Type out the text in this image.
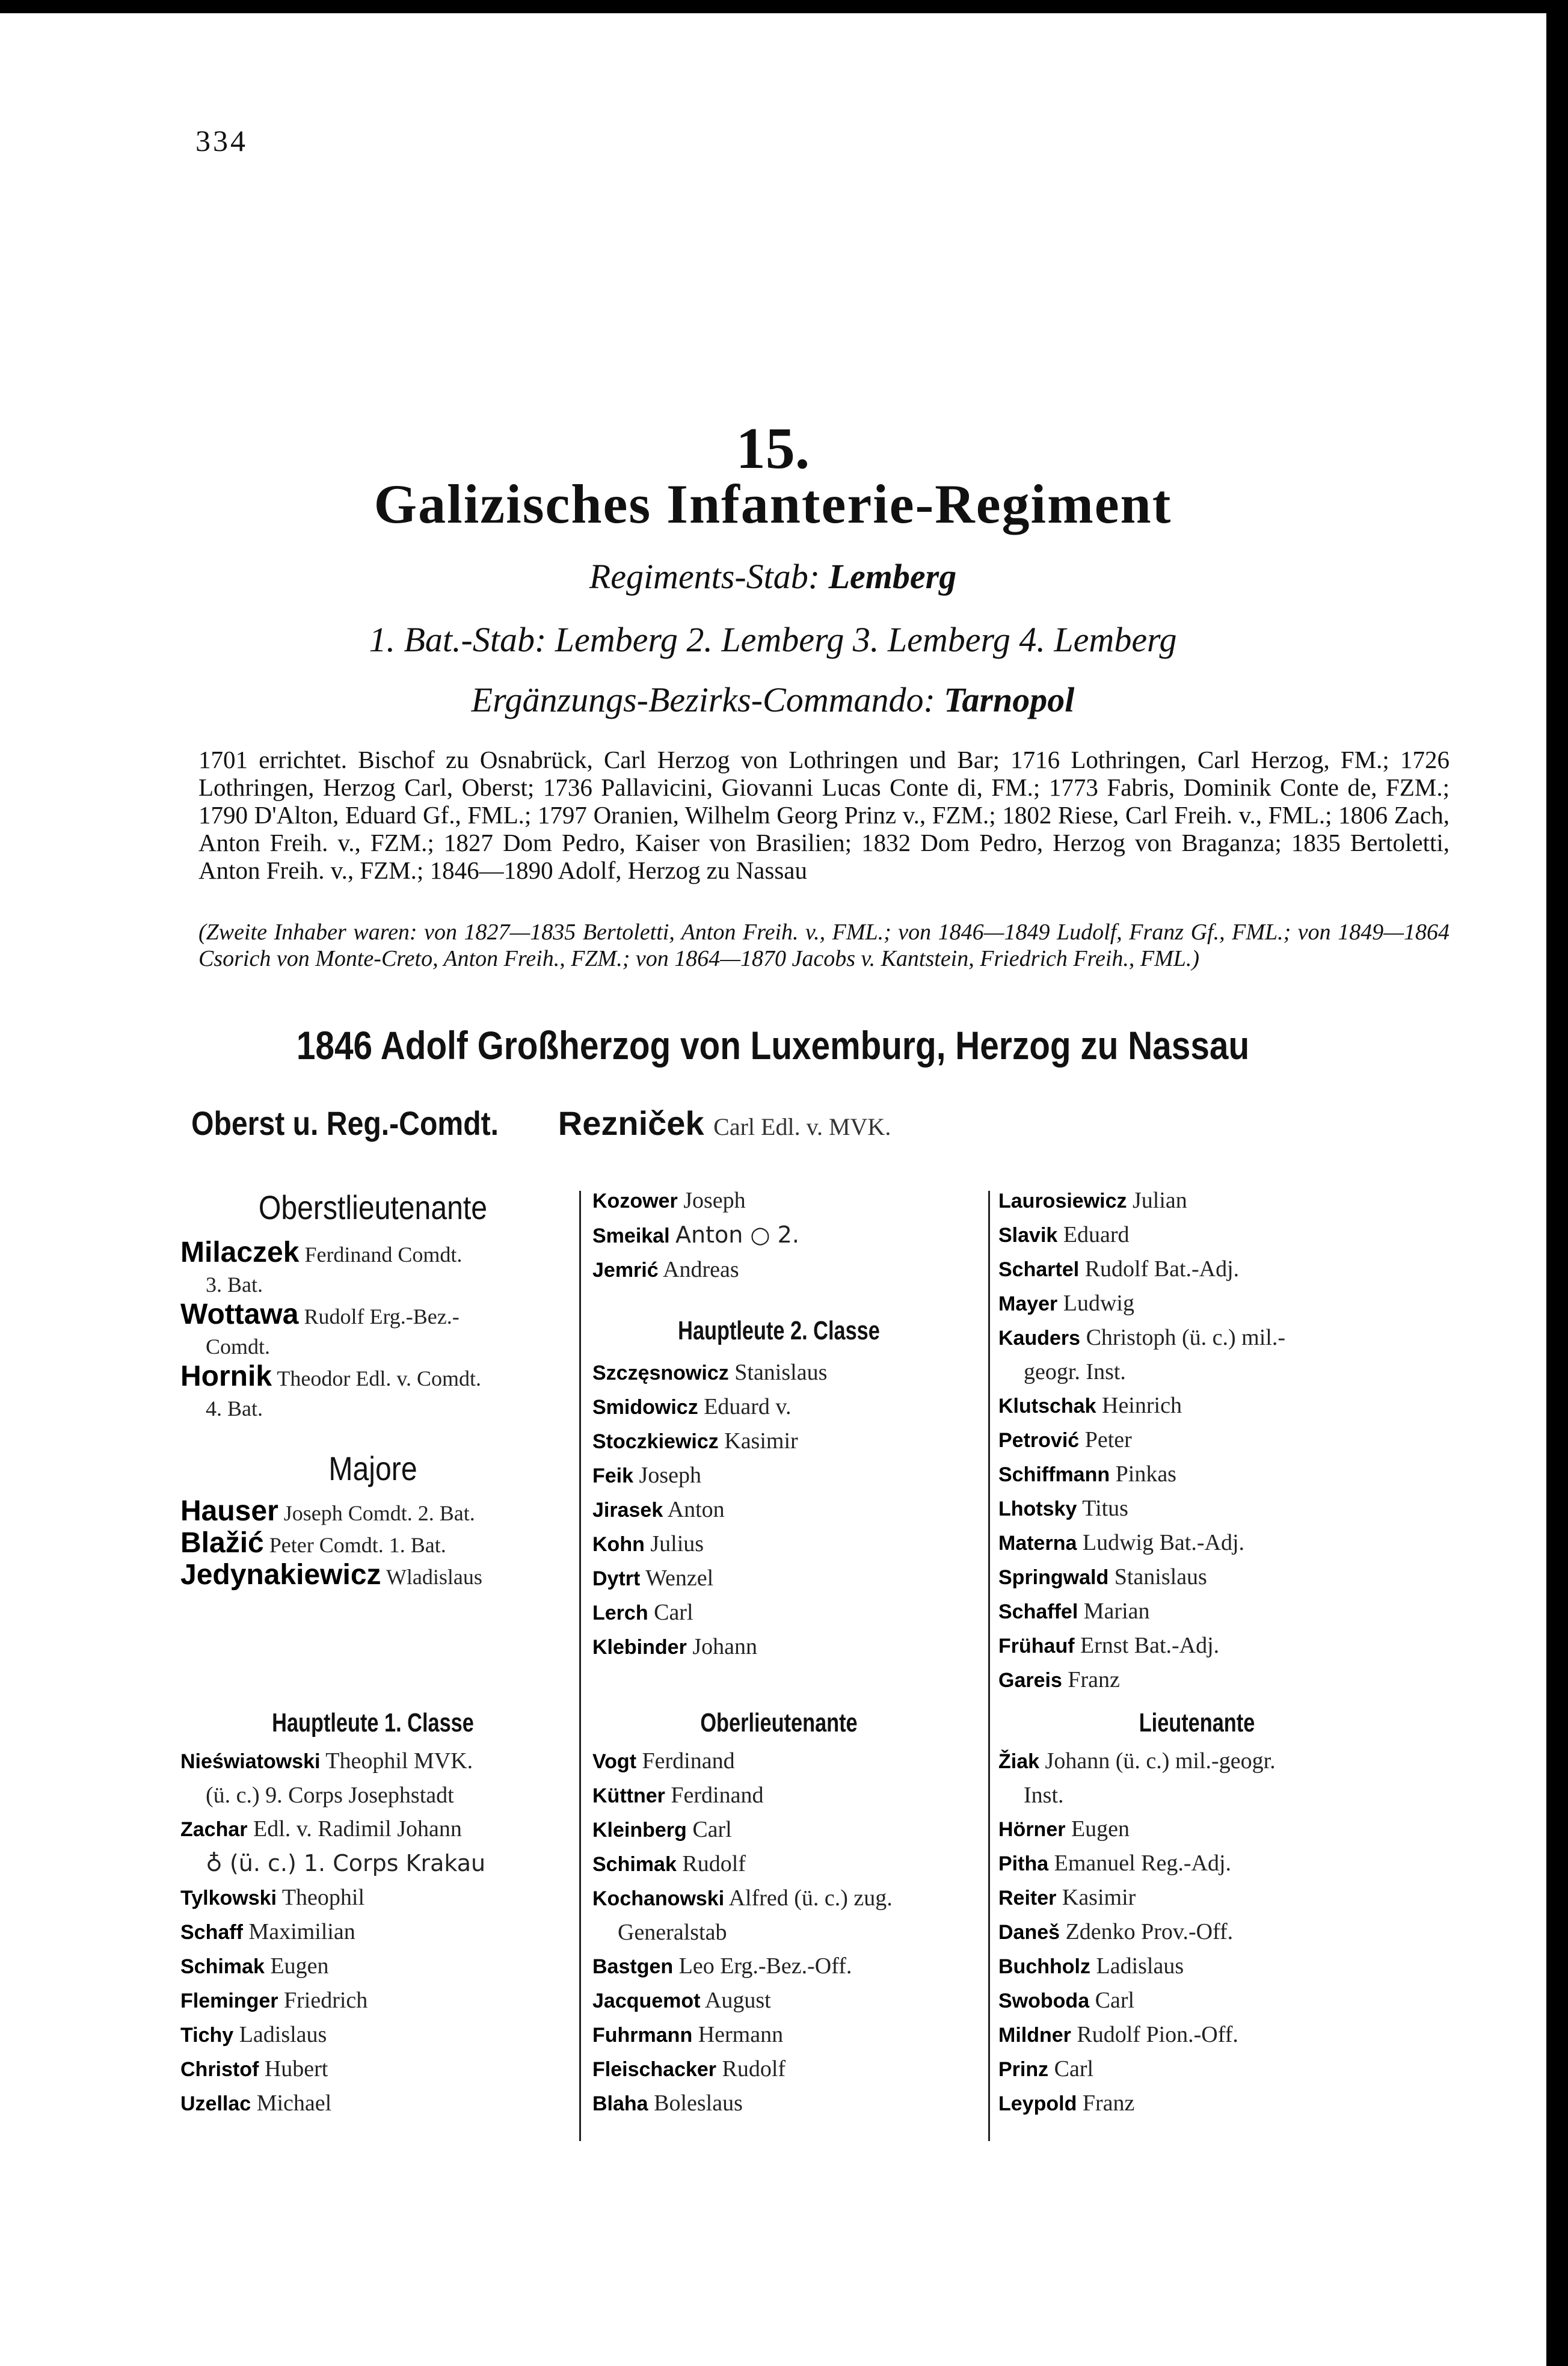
334
15.
Galizisches Infanterie-Regiment
Regiments-Stab: Lemberg
1. Bat.-Stab: Lemberg 2. Lemberg 3. Lemberg 4. Lemberg
Ergänzungs-Bezirks-Commando: Tarnopol

1701 errichtet. Bischof zu Osnabrück, Carl Herzog von Lothringen und Bar; 1716 Lothringen, Carl Herzog, FM.; 1726 Lothringen, Herzog Carl, Oberst; 1736 Pallavicini, Giovanni Lucas Conte di, FM.; 1773 Fabris, Dominik Conte de, FZM.; 1790 D'Alton, Eduard Gf., FML.; 1797 Oranien, Wilhelm Georg Prinz v., FZM.; 1802 Riese, Carl Freih. v., FML.; 1806 Zach, Anton Freih. v., FZM.; 1827 Dom Pedro, Kaiser von Brasilien; 1832 Dom Pedro, Herzog von Braganza; 1835 Bertoletti, Anton Freih. v., FZM.; 1846—1890 Adolf, Herzog zu Nassau

(Zweite Inhaber waren: von 1827—1835 Bertoletti, Anton Freih. v., FML.; von 1846—1849 Ludolf, Franz Gf., FML.; von 1849—1864 Csorich von Monte-Creto, Anton Freih., FZM.; von 1864—1870 Jacobs v. Kantstein, Friedrich Freih., FML.)
1846 Adolf Großherzog von Luxemburg, Herzog zu Nassau
Oberst u. Reg.-Comdt. Rezniček Carl Edl. v. MVK.

Oberstlieutenante

Milaczek Ferdinand Comdt.
3. Bat.
Wottawa Rudolf Erg.-Bez.-
Comdt.
Hornik Theodor Edl. v. Comdt.
4. Bat.

Majore

Hauser Joseph Comdt. 2. Bat.
Blažić Peter Comdt. 1. Bat.
Jedynakiewicz Wladislaus

Hauptleute 1. Classe

Nieświatowski Theophil MVK.
(ü. c.) 9. Corps Josephstadt
Zachar Edl. v. Radimil Johann
♁ (ü. c.) 1. Corps Krakau
Tylkowski Theophil
Schaff Maximilian
Schimak Eugen
Fleminger Friedrich
Tichy Ladislaus
Christof Hubert
Uzellac Michael
Kozower Joseph
Smeikal Anton ○ 2.
Jemrić Andreas

Hauptleute 2. Classe

Szczęsnowicz Stanislaus
Smidowicz Eduard v.
Stoczkiewicz Kasimir
Feik Joseph
Jirasek Anton
Kohn Julius
Dytrt Wenzel
Lerch Carl
Klebinder Johann

Oberlieutenante

Vogt Ferdinand
Küttner Ferdinand
Kleinberg Carl
Schimak Rudolf
Kochanowski Alfred (ü. c.) zug.
Generalstab
Bastgen Leo Erg.-Bez.-Off.
Jacquemot August
Fuhrmann Hermann
Fleischacker Rudolf
Blaha Boleslaus
Laurosiewicz Julian
Slavik Eduard
Schartel Rudolf Bat.-Adj.
Mayer Ludwig
Kauders Christoph (ü. c.) mil.-
geogr. Inst.
Klutschak Heinrich
Petrović Peter
Schiffmann Pinkas
Lhotsky Titus
Materna Ludwig Bat.-Adj.
Springwald Stanislaus
Schaffel Marian
Frühauf Ernst Bat.-Adj.
Gareis Franz

Lieutenante

Žiak Johann (ü. c.) mil.-geogr.
Inst.
Hörner Eugen
Pitha Emanuel Reg.-Adj.
Reiter Kasimir
Daneš Zdenko Prov.-Off.
Buchholz Ladislaus
Swoboda Carl
Mildner Rudolf Pion.-Off.
Prinz Carl
Leypold Franz
